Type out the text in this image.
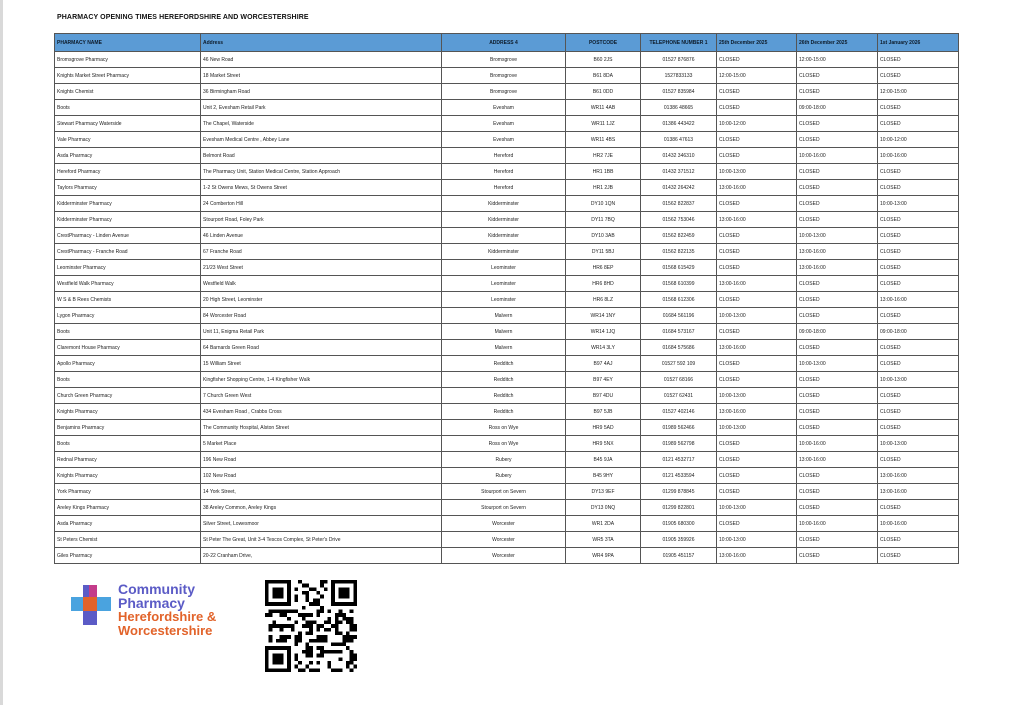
PHARMACY OPENING TIMES HEREFORDSHIRE AND WORCESTERSHIRE
PHARMACY NAME	Address	ADDRESS 4	POSTCODE	TELEPHONE NUMBER 1	25th December 2025	26th December 2025	1st January 2026
Bromsgrove Pharmacy	46 New Road	Bromsgrove	B60 2JS	01527 876876	CLOSED	12:00-15:00	CLOSED
Knights Market Street Pharmacy	18 Market Street	Bromsgrove	B61 8DA	1527833133	12:00-15:00	CLOSED	CLOSED
Knights Chemist	36 Birmingham Road	Bromsgrove	B61 0DD	01527 835984	CLOSED	CLOSED	12:00-15:00
Boots	Unit 2, Evesham Retail Park	Evesham	WR11 4AB	01386 48665	CLOSED	09:00-18:00	CLOSED
Stewart Pharmacy Waterside	The Chapel, Waterside	Evesham	WR11 1JZ	01386 443422	10:00-12:00	CLOSED	CLOSED
Vale Pharmacy	Evesham Medical Centre , Abbey Lane	Evesham	WR11 4BS	01386 47613	CLOSED	CLOSED	10:00-12:00
Asda Pharmacy	Belmont Road	Hereford	HR2 7JE	01432 346310	CLOSED	10:00-16:00	10:00-16:00
Hereford Pharmacy	The Pharmacy Unit, Station Medical Centre, Station Approach	Hereford	HR1 1BB	01432 371512	10:00-13:00	CLOSED	CLOSED
Taylors Pharmacy	1-2 St Owens Mews, St Owens Street	Hereford	HR1 2JB	01432 264242	13:00-16:00	CLOSED	CLOSED
Kidderminster Pharmacy	24 Comberton Hill	Kidderminster	DY10 1QN	01562 822837	CLOSED	CLOSED	10:00-13:00
Kidderminster Pharmacy	Stourport Road, Foley Park	Kidderminster	DY11 7BQ	01562 753046	13:00-16:00	CLOSED	CLOSED
CrestPharmacy - Linden Avenue	46 Linden Avenue	Kidderminster	DY10 3AB	01562 822459	CLOSED	10:00-13:00	CLOSED
CrestPharmacy - Franche Road	67 Franche Road	Kidderminster	DY11 5BJ	01562 822135	CLOSED	13:00-16:00	CLOSED
Leominster Pharmacy	21/23 West Street	Leominster	HR6 8EP	01568 615429	CLOSED	13:00-16:00	CLOSED
Westfield Walk Pharmacy	Westfield Walk	Leominster	HR6 8HD	01568 610399	13:00-16:00	CLOSED	CLOSED
W S & B Rees Chemists	20 High Street, Leominster	Leominster	HR6 8LZ	01568 612306	CLOSED	CLOSED	13:00-16:00
Lygon Pharmacy	84 Worcester Road	Malvern	WR14 1NY	01684 561196	10:00-13:00	CLOSED	CLOSED
Boots	Unit 11, Enigma Retail Park	Malvern	WR14 1JQ	01684 573167	CLOSED	09:00-18:00	09:00-18:00
Claremont House Pharmacy	64 Barnards Green Road	Malvern	WR14 3LY	01684 575686	13:00-16:00	CLOSED	CLOSED
Apollo Pharmacy	15 William Street	Redditch	B97 4AJ	01527 592 109	CLOSED	10:00-13:00	CLOSED
Boots	Kingfisher Shopping Centre, 1-4 Kingfisher Walk	Redditch	B97 4EY	01527 68166	CLOSED	CLOSED	10:00-13:00
Church Green Pharmacy	7 Church Green West	Redditch	B97 4DU	01527 62431	10:00-13:00	CLOSED	CLOSED
Knights Pharmacy	434 Evesham Road , Crabbs Cross	Redditch	B97 5JB	01527 402146	13:00-16:00	CLOSED	CLOSED
Benjamins Pharmacy	The Community Hospital, Alston Street	Ross on Wye	HR9 5AD	01989 562466	10:00-13:00	CLOSED	CLOSED
Boots	5 Market Place	Ross on Wye	HR9 5NX	01989 562798	CLOSED	10:00-16:00	10:00-13:00
Rednal Pharmacy	196 New Road	Rubery	B45 9JA	0121 4532717	CLOSED	13:00-16:00	CLOSED
Knights Pharmacy	102 New Road	Rubery	B45 9HY	0121 4533594	CLOSED	CLOSED	13:00-16:00
York Pharmacy	14 York Street,	Stourport on Severn	DY13 9EF	01299 878845	CLOSED	CLOSED	13:00-16:00
Areley Kings Pharmacy	38 Areley Common, Areley Kings	Stourport on Severn	DY13 0NQ	01299 822801	10:00-13:00	CLOSED	CLOSED
Asda Pharmacy	Silver Street, Lowesmoor	Worcester	WR1 2DA	01905 680300	CLOSED	10:00-16:00	10:00-16:00
St Peters Chemist	St Peter The Great, Unit 3-4 Tescos Complex, St Peter's Drive	Worcester	WR5 3TA	01905 359926	10:00-13:00	CLOSED	CLOSED
Giles Pharmacy	20-22 Cranham Drive,	Worcester	WR4 9PA	01905 451157	13:00-16:00	CLOSED	CLOSED
Community
Pharmacy
Herefordshire &
Worcestershire
